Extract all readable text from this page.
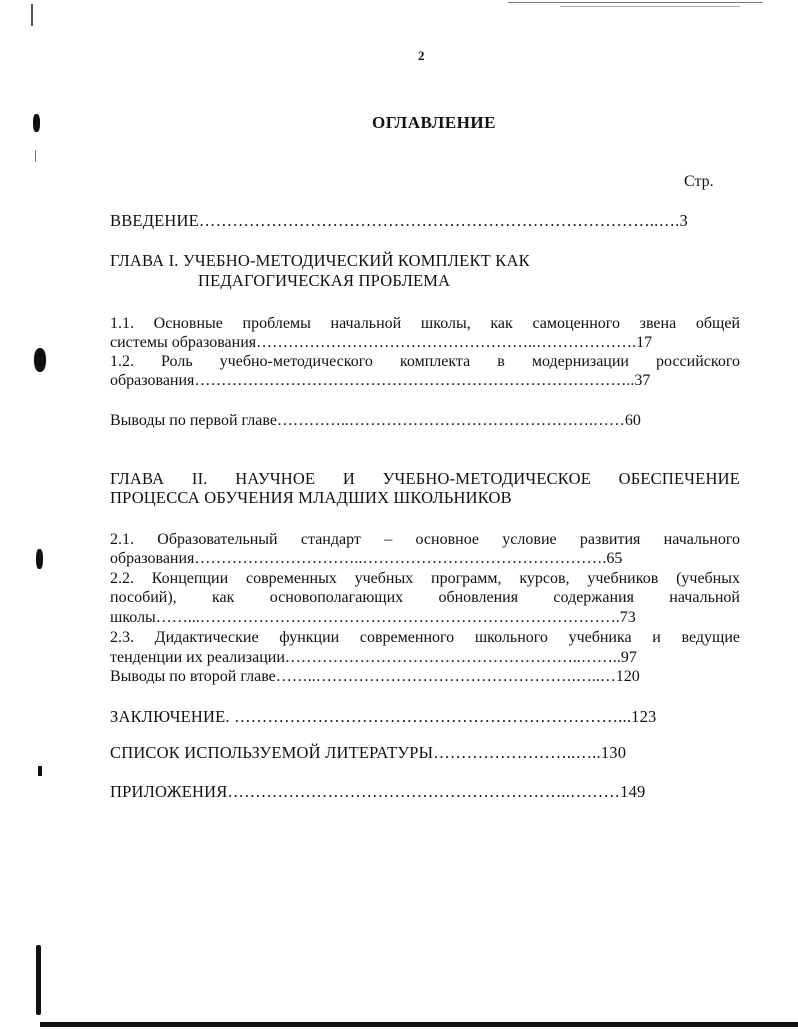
2
ОГЛАВЛЕНИЕ
Стр.
ВВЕДЕНИЕ………………………………………………………………………..….3
ГЛАВА I. УЧЕБНО-МЕТОДИЧЕСКИЙ КОМПЛЕКТ КАК
ПЕДАГОГИЧЕСКАЯ ПРОБЛЕМА
1.1. Основные проблемы начальной школы, как самоценного звена общей
системы образования……………………………………………..……………….17
1.2. Роль учебно-методического комплекта в модернизации российского
образования………………………………………………………………………..37
Выводы по первой главе…………..……………………………………….……60
ГЛАВА II. НАУЧНОЕ И УЧЕБНО-МЕТОДИЧЕСКОЕ ОБЕСПЕЧЕНИЕ
ПРОЦЕССА ОБУЧЕНИЯ МЛАДШИХ ШКОЛЬНИКОВ
2.1. Образовательный стандарт – основное условие развития начального
образования…………………………..……………………………………….65
2.2. Концепции современных учебных программ, курсов, учебников (учебных
пособий), как основополагающих обновления содержания начальной
школы……...…………………………………………………………………….73
2.3. Дидактические функции современного школьного учебника и ведущие
тенденции их реализации………………………………………………..……..97
Выводы по второй главе……..………………………………………….…..…120
ЗАКЛЮЧЕНИЕ. ……………………………………………………………...123
СПИСОК ИСПОЛЬЗУЕМОЙ ЛИТЕРАТУРЫ……………………..…..130
ПРИЛОЖЕНИЯ……………………………………………………..………149
